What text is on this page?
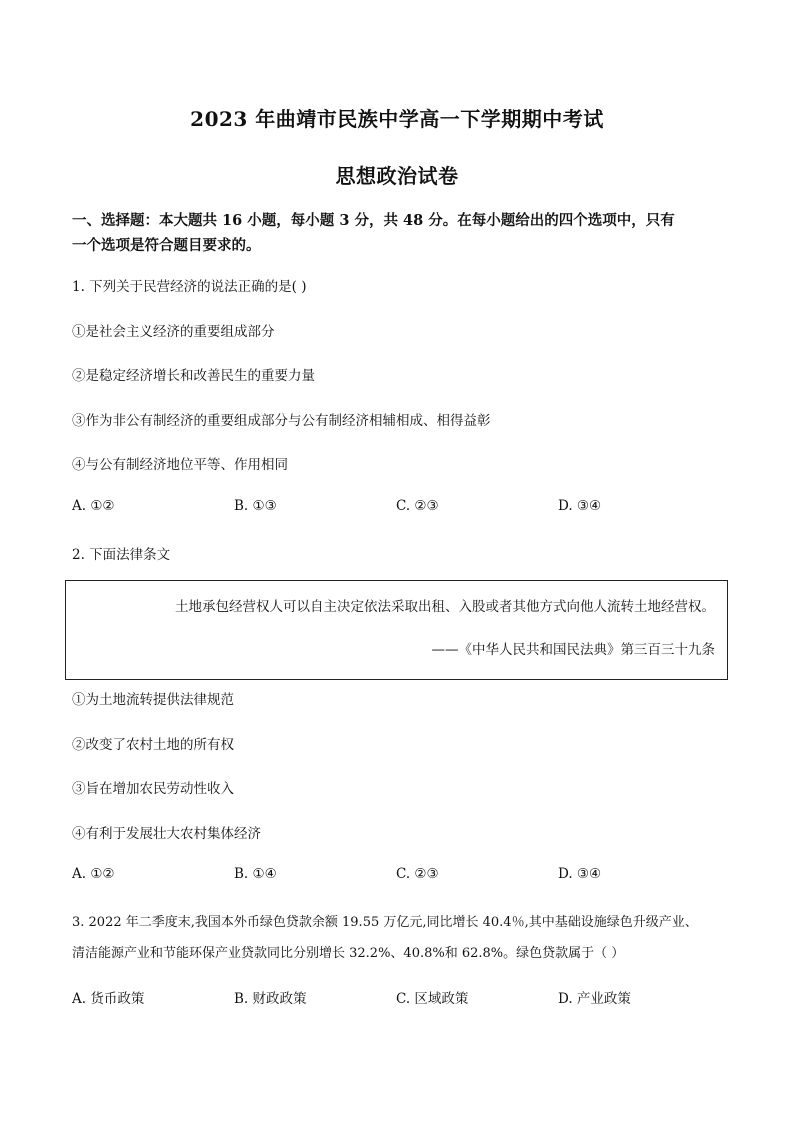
2023 年曲靖市民族中学高一下学期期中考试
思想政治试卷
一、选择题：本大题共 16 小题，每小题 3 分，共 48 分。在每小题给出的四个选项中，只有
一个选项是符合题目要求的。
1. 下列关于民营经济的说法正确的是( )
①是社会主义经济的重要组成部分
②是稳定经济增长和改善民生的重要力量
③作为非公有制经济的重要组成部分与公有制经济相辅相成、相得益彰
④与公有制经济地位平等、作用相同
A. ①②	B. ①③	C. ②③	D. ③④
2. 下面法律条文
土地承包经营权人可以自主决定依法采取出租、入股或者其他方式向他人流转土地经营权。
——《中华人民共和国民法典》第三百三十九条
①为土地流转提供法律规范
②改变了农村土地的所有权
③旨在增加农民劳动性收入
④有利于发展壮大农村集体经济
A. ①②	B. ①④	C. ②③	D. ③④
3. 2022 年二季度末,我国本外币绿色贷款余额 19.55 万亿元,同比增长 40.4％,其中基础设施绿色升级产业、
清洁能源产业和节能环保产业贷款同比分别增长 32.2%、40.8%和 62.8%。绿色贷款属于（ ）
A. 货币政策	B. 财政政策	C. 区域政策	D. 产业政策
